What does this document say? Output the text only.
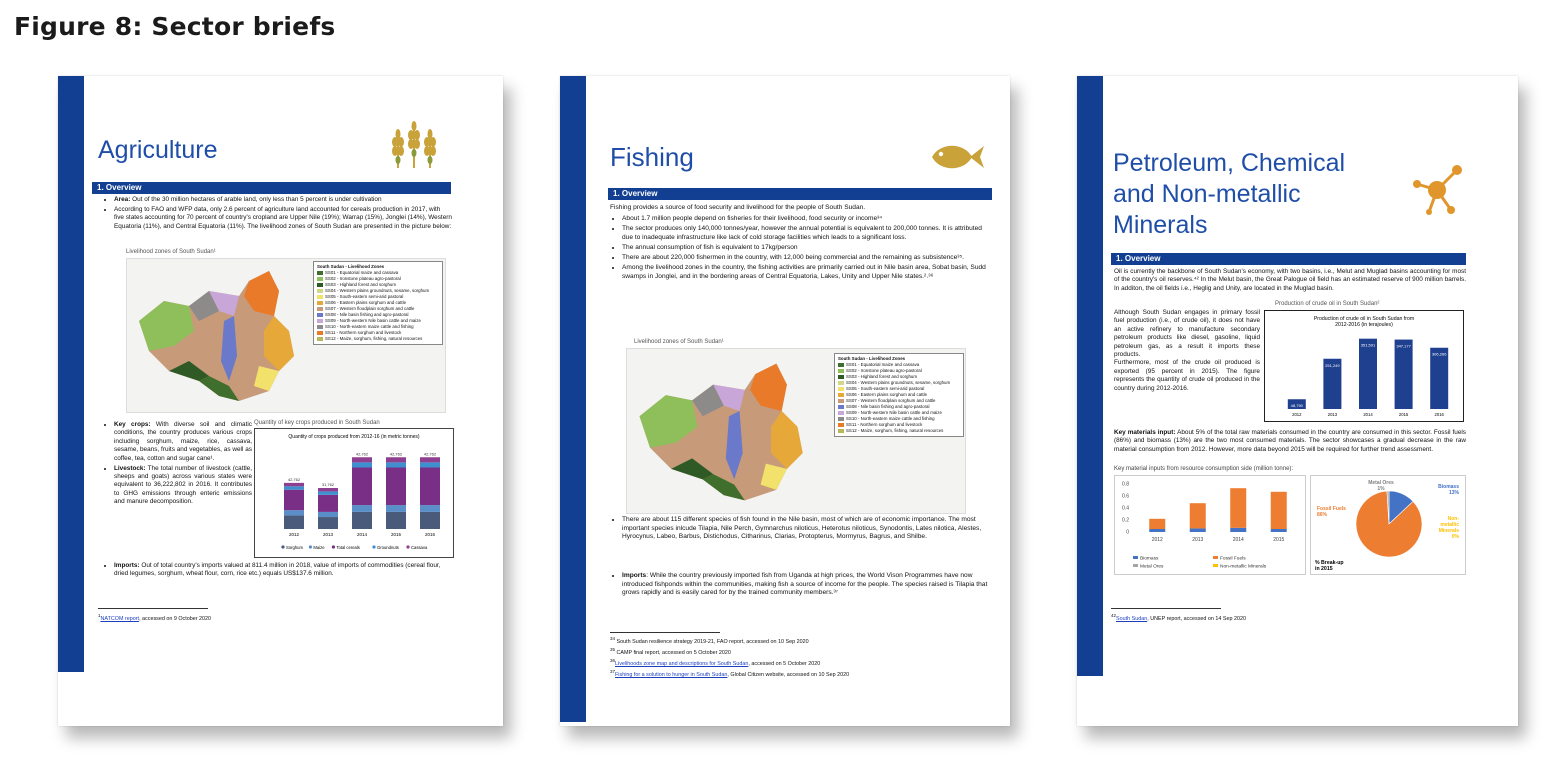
Figure 8: Sector briefs
Agriculture
1. Overview
• Area: Out of the 30 million hectares of arable land, only less than 5 percent is under cultivation
• According to FAO and WFP data, only 2.6 percent of agriculture land accounted for cereals production in 2017, with five states accounting for 70 percent of country's cropland are Upper Nile (19%); Warrap (15%), Jonglei (14%), Western Equatoria (11%), and Central Equatoria (11%). The livelihood zones of South Sudan are presented in the picture below:
Livelihood zones of South Sudan¹
South Sudan - Livelihood Zones
SS01 - Equatorial maize and cassava
SS02 - Ironstone plateau agro-pastoral
SS03 - Highland forest and sorghum
SS04 - Western plains groundnuts, sesame, sorghum
SS05 - South-eastern semi-arid pastoral
SS06 - Eastern plains sorghum and cattle
SS07 - Western floodplain sorghum and cattle
SS08 - Nile basin fishing and agro-pastoral
SS09 - North-western Nile basin cattle and maize
SS10 - North-eastern maize cattle and fishing
SS11 - Northern sorghum and livestock
SS12 - Maize, sorghum, fishing, natural resources
• Key crops: With diverse soil and climatic conditions, the country produces various crops including sorghum, maize, rice, cassava, sesame, beans, fruits and vegetables, as well as coffee, tea, cotton and sugar cane¹.
• Livestock: The total number of livestock (cattle, sheeps and goats) across various states were equivalent to 36,222,802 in 2016. It contributes to GHG emissions through enteric emissions and manure decomposition.
• Imports: Out of total country's imports valued at 811.4 million in 2018, value of imports of commodities (cereal flour, dried legumes, sorghum, wheat flour, corn, rice etc.) equals US$137.6 million.
Quantity of key crops produced in South Sudan
Quantity of crops produced from 2012-16 (in metric tonnes)
42,762
2012
31,762
2013
42,762
2014
42,762
2015
42,762
2016
Sorghum Maize	Total cereals	Groundnuts	Cassava
$^1$NATCOM report, accessed on 9 October 2020
Fishing
1. Overview
Fishing provides a source of food security and livelihood for the people of South Sudan.
• About 1.7 million people depend on fisheries for their livelihood, food security or income³⁴
• The sector produces only 140,000 tonnes/year, however the annual potential is equivalent to 200,000 tonnes. It is attributed due to inadequate infrastructure like lack of cold storage facilities which leads to a significant loss.
• The annual consumption of fish is equivalent to 17kg/person
• There are about 220,000 fishermen in the country, with 12,000 being commercial and the remaining as subsistence³⁵.
• Among the livelihood zones in the country, the fishing activities are primarily carried out in Nile basin area, Sobat basin, Sudd swamps in Jonglei, and in the bordering areas of Central Equatoria, Lakes, Unity and Upper Nile states.²˒³⁶
Livelihood zones of South Sudan¹
South Sudan - Livelihood Zones
SS01 - Equatorial maize and cassava
SS02 - Ironstone plateau agro-pastoral
SS03 - Highland forest and sorghum
SS04 - Western plains groundnuts, sesame, sorghum
SS05 - South-eastern semi-arid pastoral
SS06 - Eastern plains sorghum and cattle
SS07 - Western floodplain sorghum and cattle
SS08 - Nile basin fishing and agro-pastoral
SS09 - North-western Nile basin cattle and maize
SS10 - North-eastern maize cattle and fishing
SS11 - Northern sorghum and livestock
SS12 - Maize, sorghum, fishing, natural resources
• There are about 115 different species of fish found in the Nile basin, most of which are of economic importance. The most important species inlcude Tilapia, Nile Perch, Gymnarchus niloticus, Heterotus niloticus, Synodontis, Lates nilotica, Alestes, Hyrocynus, Labeo, Barbus, Distichodus, Citharinus, Clarias, Protopterus, Mormyrus, Bagrus, and Shilbe.
• Imports: While the country previously imported fish from Uganda at high prices, the World Vison Programmes have now introduced fishponds within the communities, making fish a source of income for the people. The species raised is Tilapia that grows rapidly and is easily cared for by the trained community members.³⁷
$^{34}$ South Sudan resilience strategy 2019-21, FAO report, accessed on 10 Sep 2020
$^{35}$ CAMP final report, accessed on 5 October 2020
$^{36}$Livelihoods zone map and descriptions for South Sudan, accessed on 5 October 2020
$^{37}$Fishing for a solution to hunger in South Sudan, Global Citizen website, accessed on 10 Sep 2020
Petroleum, Chemical
and Non-metallic
Minerals
1. Overview
Oil is currently the backbone of South Sudan's economy, with two basins, i.e., Melut and Muglad basins accounting for most of the country's oil reserves.⁴² In the Melut basin, the Great Palogue oil field has an estimated reserve of 900 million barrels. In additon, the oil fields i.e., Heglig and Unity, are located in the Muglad basin.
Although South Sudan engages in primary fossil fuel production (i.e., of crude oil), it does not have an active refinery to manufacture secondary petroleum products like diesel, gasoline, liquid petroleum gas, as a result it imports these products.
Furthermore, most of the crude oil produced is exported (95 percent in 2015). The figure represents the quantity of crude oil produced in the country during 2012-2016.
Production of crude oil in South Sudan²
Production of crude oil in South Sudan from
2012-2016 (in terajoules)
48,790
2012
251,249
2013
351,591
2014
347,177
2015
306,266
2016
Key materials input: About 5% of the total raw materials consumed in the country are consumed in this sector. Fossil fuels (86%) and biomass (13%) are the two most consumed materials. The sector showcases a gradual decrease in the raw material consumption from 2012. However, more data beyond 2015 will be required for further trend assessment.
Key material inputs from resource consumption side (million tonne):
0.8
0.6
0.4
0.2
0
2012	2013	2014	2015
Biomass	Fossil Fuels
Metal Ores	Non-metallic Minerals
Fossil Fuels
86%
Biomass
13%
Metal Ores
1%
Non-
metallic
Minerals
0%
% Break-up
in 2015
$^{42}$South Sudan, UNEP report, accessed on 14 Sep 2020
